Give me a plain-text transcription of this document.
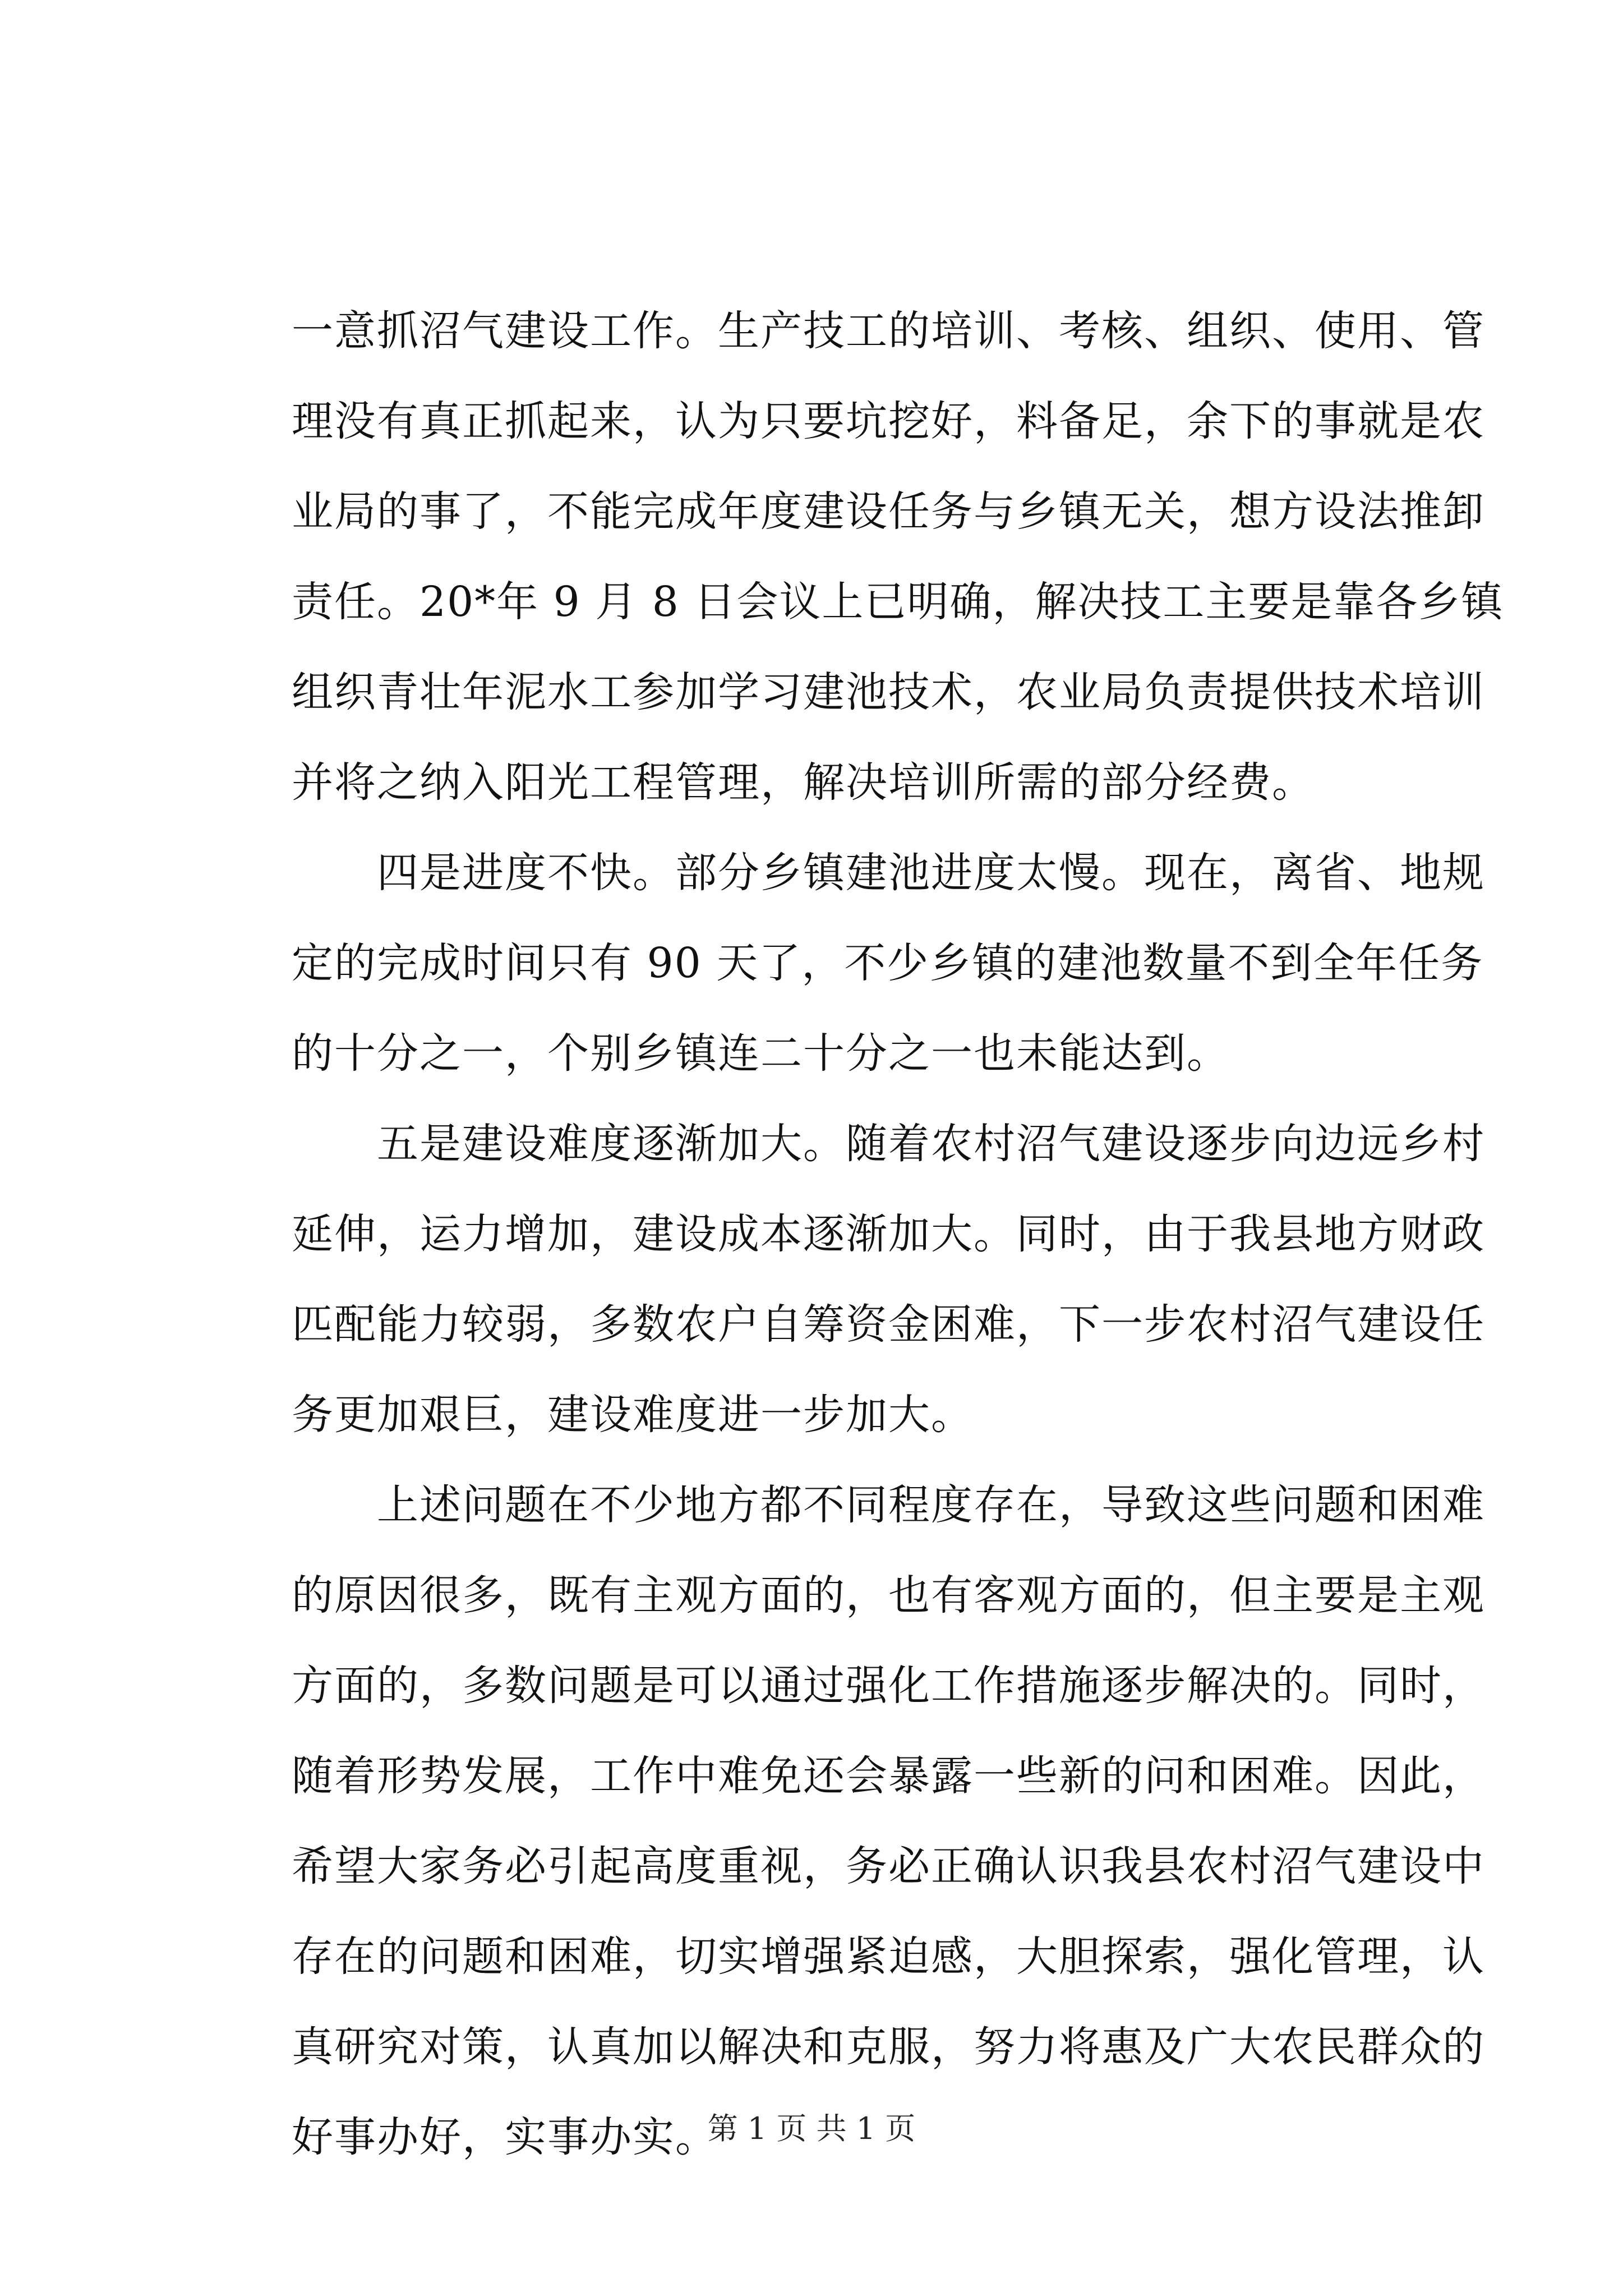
一意抓沼气建设工作。生产技工的培训、考核、组织、使用、管
理没有真正抓起来，认为只要坑挖好，料备足，余下的事就是农
业局的事了，不能完成年度建设任务与乡镇无关，想方设法推卸
责任。20*年 9 月 8 日会议上已明确，解决技工主要是靠各乡镇
组织青壮年泥水工参加学习建池技术，农业局负责提供技术培训
并将之纳入阳光工程管理，解决培训所需的部分经费。
　　四是进度不快。部分乡镇建池进度太慢。现在，离省、地规
定的完成时间只有 90 天了，不少乡镇的建池数量不到全年任务
的十分之一，个别乡镇连二十分之一也未能达到。
　　五是建设难度逐渐加大。随着农村沼气建设逐步向边远乡村
延伸，运力增加，建设成本逐渐加大。同时，由于我县地方财政
匹配能力较弱，多数农户自筹资金困难，下一步农村沼气建设任
务更加艰巨，建设难度进一步加大。
　　上述问题在不少地方都不同程度存在，导致这些问题和困难
的原因很多，既有主观方面的，也有客观方面的，但主要是主观
方面的，多数问题是可以通过强化工作措施逐步解决的。同时，
随着形势发展，工作中难免还会暴露一些新的问和困难。因此，
希望大家务必引起高度重视，务必正确认识我县农村沼气建设中
存在的问题和困难，切实增强紧迫感，大胆探索，强化管理，认
真研究对策，认真加以解决和克服，努力将惠及广大农民群众的
好事办好，实事办实。
第 1 页 共 1 页
